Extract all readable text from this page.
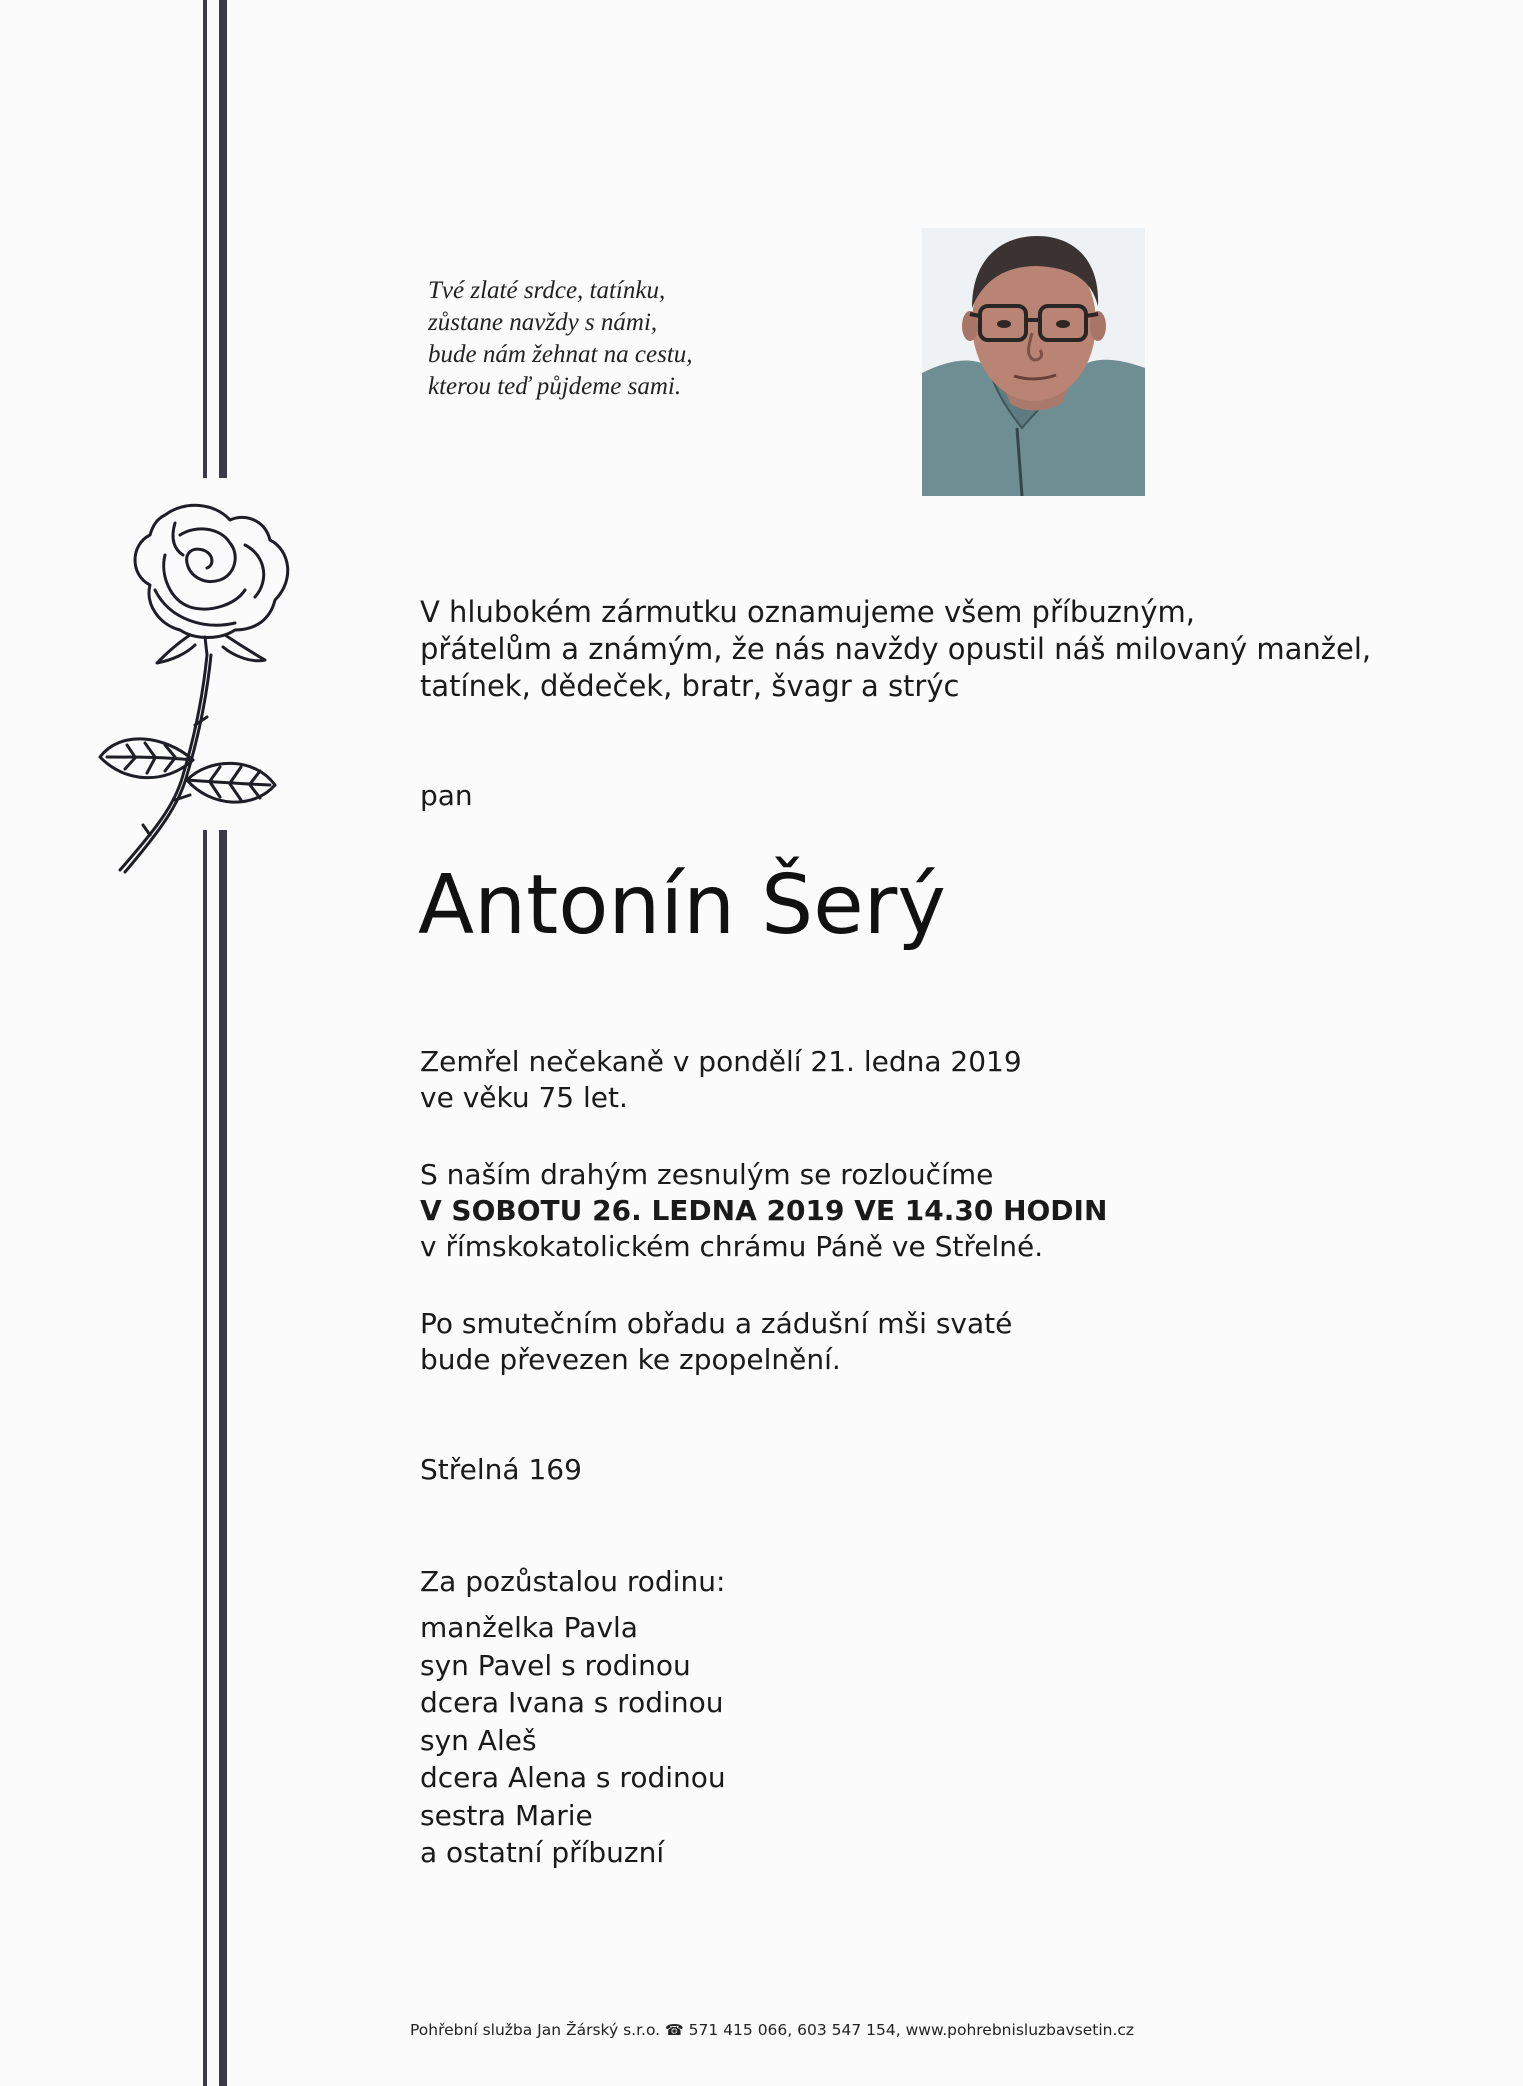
Tvé zlaté srdce, tatínku,
zůstane navždy s námi,
bude nám žehnat na cestu,
kterou teď půjdeme sami.
V hlubokém zármutku oznamujeme všem příbuzným,
přátelům a známým, že nás navždy opustil náš milovaný manžel,
tatínek, dědeček, bratr, švagr a strýc
pan
Antonín Šerý
Zemřel nečekaně v pondělí 21. ledna 2019
ve věku 75 let.
S naším drahým zesnulým se rozloučíme
V SOBOTU 26. LEDNA 2019 VE 14.30 HODIN
v římskokatolickém chrámu Páně ve Střelné.
Po smutečním obřadu a zádušní mši svaté
bude převezen ke zpopelnění.
Střelná 169
Za pozůstalou rodinu:
manželka Pavla
syn Pavel s rodinou
dcera Ivana s rodinou
syn Aleš
dcera Alena s rodinou
sestra Marie
a ostatní příbuzní
Pohřební služba Jan Žárský s.r.o. ☎ 571 415 066, 603 547 154, www.pohrebnisluzbavsetin.cz
